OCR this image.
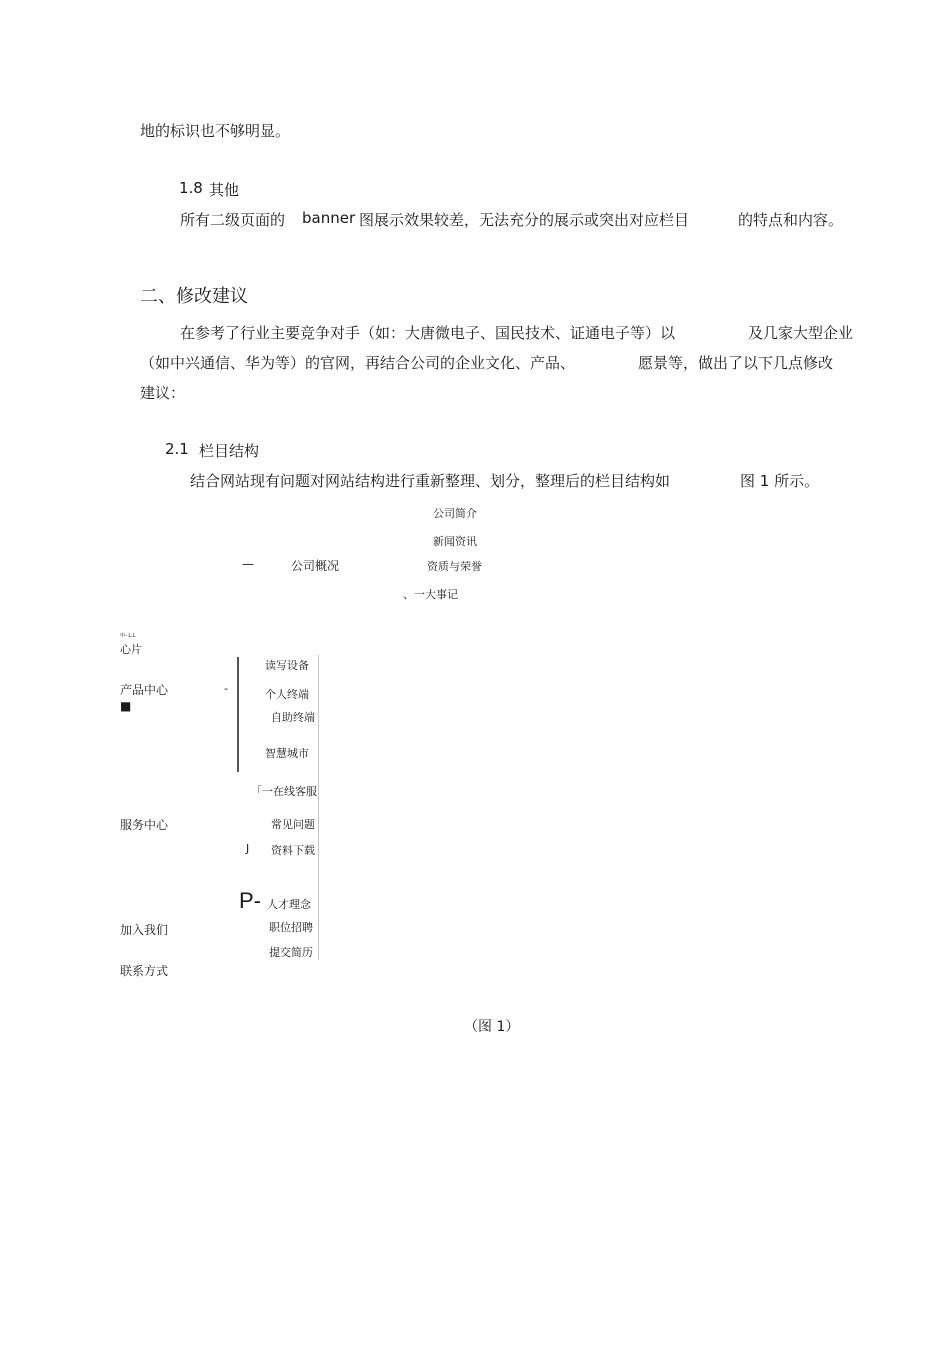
地的标识也不够明显。
1.8 其他
所有二级页面的 banner 图展示效果较差，无法充分的展示或突出对应栏目	的特点和内容。
二、修改建议
在参考了行业主要竞争对手（如：大唐微电子、国民技术、证通电子等）以	及几家大型企业
（如中兴通信、华为等）的官网，再结合公司的企业文化、产品、	愿景等，做出了以下几点修改
建议：
2.1 栏目结构
结合网站现有问题对网站结构进行重新整理、划分，整理后的栏目结构如	图 1 所示。
公司简介
新闻资讯
—	公司概况	资质与荣誉
、一大事记
申- L.L
心片
产品中心	-
■
读写设备
个人终端
自助终端
智慧城市
「一在线客服
服务中心	常见问题
J 资料下载
P- 人才理念
职位招聘
加入我们
提交简历
联系方式
（图 1）
